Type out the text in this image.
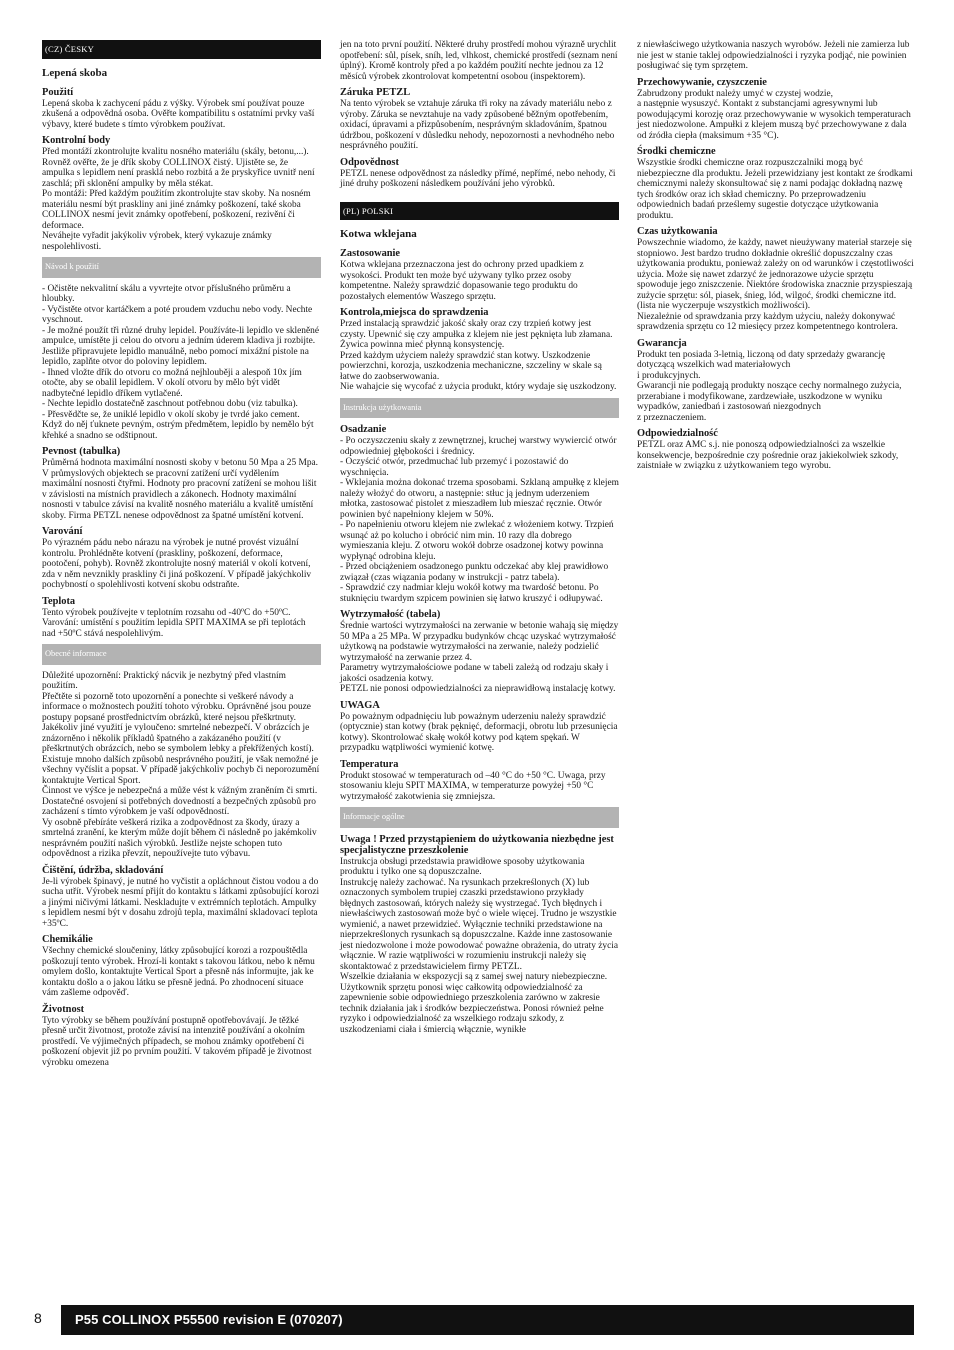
(CZ) ČESKY
Lepená skoba
Použití

Lepená skoba k zachycení pádu z výšky. Výrobek smí používat pouze zkušená a odpovědná osoba. Ověřte kompatibilitu s ostatními prvky vaší výbavy, které budete s tímto výrobkem používat.

Kontrolní body

Před montáží zkontrolujte kvalitu nosného materiálu (skály, betonu,...). Rovněž ověřte, že je dřík skoby COLLINOX čistý. Ujistěte se, že ampulka s lepidlem není prasklá nebo rozbitá a že pryskyřice uvnitř není zaschlá; při sklonění ampulky by měla stékat.
Po montáži: Před každým použitím zkontrolujte stav skoby. Na nosném materiálu nesmí být praskliny ani jiné známky poškození, také skoba COLLINOX nesmí jevit známky opotřebení, poškození, rezivění či deformace.
Neváhejte vyřadit jakýkoliv výrobek, který vykazuje známky nespolehlivosti.

Návod k použití

- Očistěte nekvalitní skálu a vyvrtejte otvor příslušného průměru a hloubky.
- Vyčistěte otvor kartáčkem a poté proudem vzduchu nebo vody. Nechte vyschnout.
- Je možné použít tři různé druhy lepidel. Používáte-li lepidlo ve skleněné ampulce, umístěte ji celou do otvoru a jedním úderem kladiva ji rozbijte. Jestliže připravujete lepidlo manuálně, nebo pomocí mixážní pistole na lepidlo, zaplňte otvor do poloviny lepidlem.
- Ihned vložte dřík do otvoru co možná nejhlouběji a alespoň 10x jím otočte, aby se obalil lepidlem. V okolí otvoru by mělo být vidět nadbytečné lepidlo dříkem vytlačené.
- Nechte lepidlo dostatečně zaschnout potřebnou dobu (viz tabulka).
- Přesvědčte se, že uniklé lepidlo v okolí skoby je tvrdé jako cement. Když do něj ťuknete pevným, ostrým předmětem, lepidlo by nemělo být křehké a snadno se odštipnout.

Pevnost (tabulka)

Průměrná hodnota maximální nosnosti skoby v betonu 50 Mpa a 25 Mpa. V průmyslových objektech se pracovní zatížení určí vydělením maximální nosnosti čtyřmi. Hodnoty pro pracovní zatížení se mohou lišit v závislosti na místních pravidlech a zákonech. Hodnoty maximální nosnosti v tabulce závisí na kvalitě nosného materiálu a kvalitě umístění skoby. Firma PETZL nenese odpovědnost za špatné umístění kotvení.

Varování

Po výrazném pádu nebo nárazu na výrobek je nutné provést vizuální kontrolu. Prohlédněte kotvení (praskliny, poškození, deformace, pootočení, pohyb). Rovněž zkontrolujte nosný materiál v okolí kotvení, zda v něm nevznikly praskliny či jiná poškození. V případě jakýchkoliv pochybností o spolehlivosti kotvení skobu odstraňte.

Teplota

Tento výrobek používejte v teplotním rozsahu od -40ºC do +50ºC.
Varování: umístění s použitím lepidla SPIT MAXIMA se při teplotách nad +50ºC stává nespolehlivým.

Obecné informace

Důležité upozornění: Praktický nácvik je nezbytný před vlastním použitím.
Přečtěte si pozorně toto upozornění a ponechte si veškeré návody a informace o možnostech použití tohoto výrobku. Oprávněné jsou pouze postupy popsané prostřednictvím obrázků, které nejsou přeškrtnuty. Jakékoliv jiné využití je vyloučeno: smrtelné nebezpečí. V obrázcích je znázorněno i několik příkladů špatného a zakázaného použití (v přeškrtnutých obrázcích, nebo se symbolem lebky a překřížených kostí). Existuje mnoho dalších způsobů nesprávného použití, je však nemožné je všechny vyčíslit a popsat. V případě jakýchkoliv pochyb či neporozumění kontaktujte Vertical Sport.
Činnost ve výšce je nebezpečná a může vést k vážným zraněním či smrti. Dostatečné osvojení si potřebných dovedností a bezpečných způsobů pro zacházení s tímto výrobkem je vaší odpovědností.
Vy osobně přebíráte veškerá rizika a zodpovědnost za škody, úrazy a smrtelná zranění, ke kterým může dojít během či následně po jakémkoliv nesprávném použití našich výrobků. Jestliže nejste schopen tuto odpovědnost a rizika převzít, nepoužívejte tuto výbavu.

Čištění, údržba, skladování

Je-li výrobek špinavý, je nutné ho vyčistit a opláchnout čistou vodou a do sucha utřít. Výrobek nesmí přijít do kontaktu s látkami způsobující korozi a jinými ničivými látkami. Neskladujte v extrémních teplotách. Ampulky s lepidlem nesmí být v dosahu zdrojů tepla, maximální skladovací teplota +35ºC.

Chemikálie

Všechny chemické sloučeniny, látky způsobující korozi a rozpouštědla poškozují tento výrobek. Hrozí-li kontakt s takovou látkou, nebo k němu omylem došlo, kontaktujte Vertical Sport a přesně nás informujte, jak ke kontaktu došlo a o jakou látku se přesně jedná. Po zhodnocení situace vám zašleme odpověď.

Životnost

Tyto výrobky se během používání postupně opotřebovávají. Je těžké přesně určit životnost, protože závisí na intenzitě používání a okolním prostředí. Ve výjimečných případech, se mohou známky opotřebení či poškození objevit již po prvním použití. V takovém případě je životnost výrobku omezena

jen na toto první použití. Některé druhy prostředí mohou výrazně urychlit opotřebení: sůl, písek, sníh, led, vlhkost, chemické prostředí (seznam není úplný). Kromě kontroly před a po každém použití nechte jednou za 12 měsíců výrobek zkontrolovat kompetentní osobou (inspektorem).

Záruka PETZL

Na tento výrobek se vztahuje záruka tři roky na závady materiálu nebo z výroby. Záruka se nevztahuje na vady způsobené běžným opotřebením, oxidací, úpravami a přizpůsobením, nesprávným skladováním, špatnou údržbou, poškození v důsledku nehody, nepozornosti a nevhodného nebo nesprávného použití.

Odpovědnost

PETZL nenese odpovědnost za následky přímé, nepřímé, nebo nehody, či jiné druhy poškození následkem používání jeho výrobků.

(PL) POLSKI
Kotwa wklejana
Zastosowanie

Kotwa wklejana przeznaczona jest do ochrony przed upadkiem z wysokości. Produkt ten może być używany tylko przez osoby kompetentne. Należy sprawdzić dopasowanie tego produktu do pozostałych elementów Waszego sprzętu.

Kontrola,miejsca do sprawdzenia

Przed instalacją sprawdzić jakość skały oraz czy trzpień kotwy jest czysty. Upewnić się czy ampułka z klejem nie jest pęknięta lub złamana. Żywica powinna mieć płynną konsystencję.
Przed każdym użyciem należy sprawdzić stan kotwy. Uszkodzenie powierzchni, korozja, uszkodzenia mechaniczne, szczeliny w skale są łatwe do zaobserwowania.
Nie wahajcie się wycofać z użycia produkt, który wydaje się uszkodzony.

Instrukcja użytkowania
Osadzanie

- Po oczyszczeniu skały z zewnętrznej, kruchej warstwy wywiercić otwór odpowiedniej głębokości i średnicy.
- Oczyścić otwór, przedmuchać lub przemyć i pozostawić do wyschnięcia.
- Wklejania można dokonać trzema sposobami. Szklaną ampułkę z klejem należy włożyć do otworu, a następnie: stłuc ją jednym uderzeniem młotka, zastosować pistolet z mieszadłem lub mieszać ręcznie. Otwór powinien być napełniony klejem w 50%.
- Po napełnieniu otworu klejem nie zwlekać z włożeniem kotwy. Trzpień wsunąć aż po kolucho i obrócić nim min. 10 razy dla dobrego wymieszania kleju. Z otworu wokół dobrze osadzonej kotwy powinna wypłynąć odrobina kleju.
- Przed obciążeniem osadzonego punktu odczekać aby klej prawidłowo związał (czas wiązania podany w instrukcji - patrz tabela).
- Sprawdzić czy nadmiar kleju wokół kotwy ma twardość betonu. Po stuknięciu twardym szpicem powinien się łatwo kruszyć i odłupywać.

Wytrzymałość (tabela)

Średnie wartości wytrzymałości na zerwanie w betonie wahają się między 50 MPa a 25 MPa. W przypadku budynków chcąc uzyskać wytrzymałość użytkową na podstawie wytrzymałości na zerwanie, należy podzielić wytrzymałość na zerwanie przez 4.
Parametry wytrzymałościowe podane w tabeli zależą od rodzaju skały i jakości osadzenia kotwy.
PETZL nie ponosi odpowiedzialności za nieprawidłową instalację kotwy.

UWAGA

Po poważnym odpadnięciu lub poważnym uderzeniu należy sprawdzić (optycznie) stan kotwy (brak pęknięć, deformacji, obrotu lub przesunięcia kotwy). Skontrolować skałę wokół kotwy pod kątem spękań. W przypadku wątpliwości wymienić kotwę.

Temperatura

Produkt stosować w temperaturach od –40 °C do +50 °C. Uwaga, przy stosowaniu kleju SPIT MAXIMA, w temperaturze powyżej +50 °C wytrzymałość zakotwienia się zmniejsza.

Informacje ogólne
Uwaga ! Przed przystąpieniem do użytkowania niezbędne jest specjalistyczne przeszkolenie

Instrukcja obsługi przedstawia prawidłowe sposoby użytkowania produktu i tylko one są dopuszczalne.
Instrukcję należy zachować. Na rysunkach przekreślonych (X) lub oznaczonych symbolem trupiej czaszki przedstawiono przykłady błędnych zastosowań, których należy się wystrzegać. Tych błędnych i niewłaściwych zastosowań może być o wiele więcej. Trudno je wszystkie wymienić, a nawet przewidzieć. Wyłącznie techniki przedstawione na nieprzekreślonych rysunkach są dopuszczalne. Każde inne zastosowanie jest niedozwolone i może powodować poważne obrażenia, do utraty życia włącznie. W razie wątpliwości w rozumieniu instrukcji należy się skontaktować z przedstawicielem firmy PETZL.
Wszelkie działania w ekspozycji są z samej swej natury niebezpieczne. Użytkownik sprzętu ponosi więc całkowitą odpowiedzialność za zapewnienie sobie odpowiedniego przeszkolenia zarówno w zakresie technik działania jak i środków bezpieczeństwa. Ponosi również pełne ryzyko i odpowiedzialność za wszelkiego rodzaju szkody, z uszkodzeniami ciała i śmiercią włącznie, wynikłe

z niewłaściwego użytkowania naszych wyrobów. Jeżeli nie zamierza lub nie jest w stanie taklej odpowiedzialności i ryzyka podjąć, nie powinien posługiwać się tym sprzętem.

Przechowywanie, czyszczenie

Zabrudzony produkt należy umyć w czystej wodzie,
a następnie wysuszyć. Kontakt z substancjami agresywnymi lub powodującymi korozję oraz przechowywanie w wysokich temperaturach jest niedozwolone. Ampułki z klejem muszą być przechowywane z dala od źródła ciepła (maksimum +35 °C).

Środki chemiczne

Wszystkie środki chemiczne oraz rozpuszczalniki mogą być niebezpieczne dla produktu. Jeżeli przewidziany jest kontakt ze środkami chemicznymi należy skonsultować się z nami podając dokładną nazwę tych środków oraz ich skład chemiczny. Po przeprowadzeniu odpowiednich badań prześlemy sugestie dotyczące użytkowania produktu.

Czas użytkowania

Powszechnie wiadomo, że każdy, nawet nieużywany materiał starzeje się stopniowo. Jest bardzo trudno dokładnie określić dopuszczalny czas użytkowania produktu, ponieważ zależy on od warunków i częstotliwości użycia. Może się nawet zdarzyć że jednorazowe użycie sprzętu spowoduje jego zniszczenie. Niektóre środowiska znacznie przyspieszają zużycie sprzętu: sól, piasek, śnieg, lód, wilgoć, środki chemiczne itd. (lista nie wyczerpuje wszystkich możliwości).
Niezależnie od sprawdzania przy każdym użyciu, należy dokonywać sprawdzenia sprzętu co 12 miesięcy przez kompetentnego kontrolera.

Gwarancja

Produkt ten posiada 3-letnią, liczoną od daty sprzedaży gwarancję dotyczącą wszelkich wad materiałowych
i produkcyjnych.
Gwarancji nie podlegają produkty noszące cechy normalnego zużycia, przerabiane i modyfikowane, zardzewiałe, uszkodzone w wyniku wypadków, zaniedbań i zastosowań niezgodnych
z przeznaczeniem.

Odpowiedzialność

PETZL oraz AMC s.j. nie ponoszą odpowiedzialności za wszelkie konsekwencje, bezpośrednie czy pośrednie oraz jakiekolwiek szkody, zaistniałe w związku z użytkowaniem tego wyrobu.

8	P55 COLLINOX P55500 revision E (070207)
